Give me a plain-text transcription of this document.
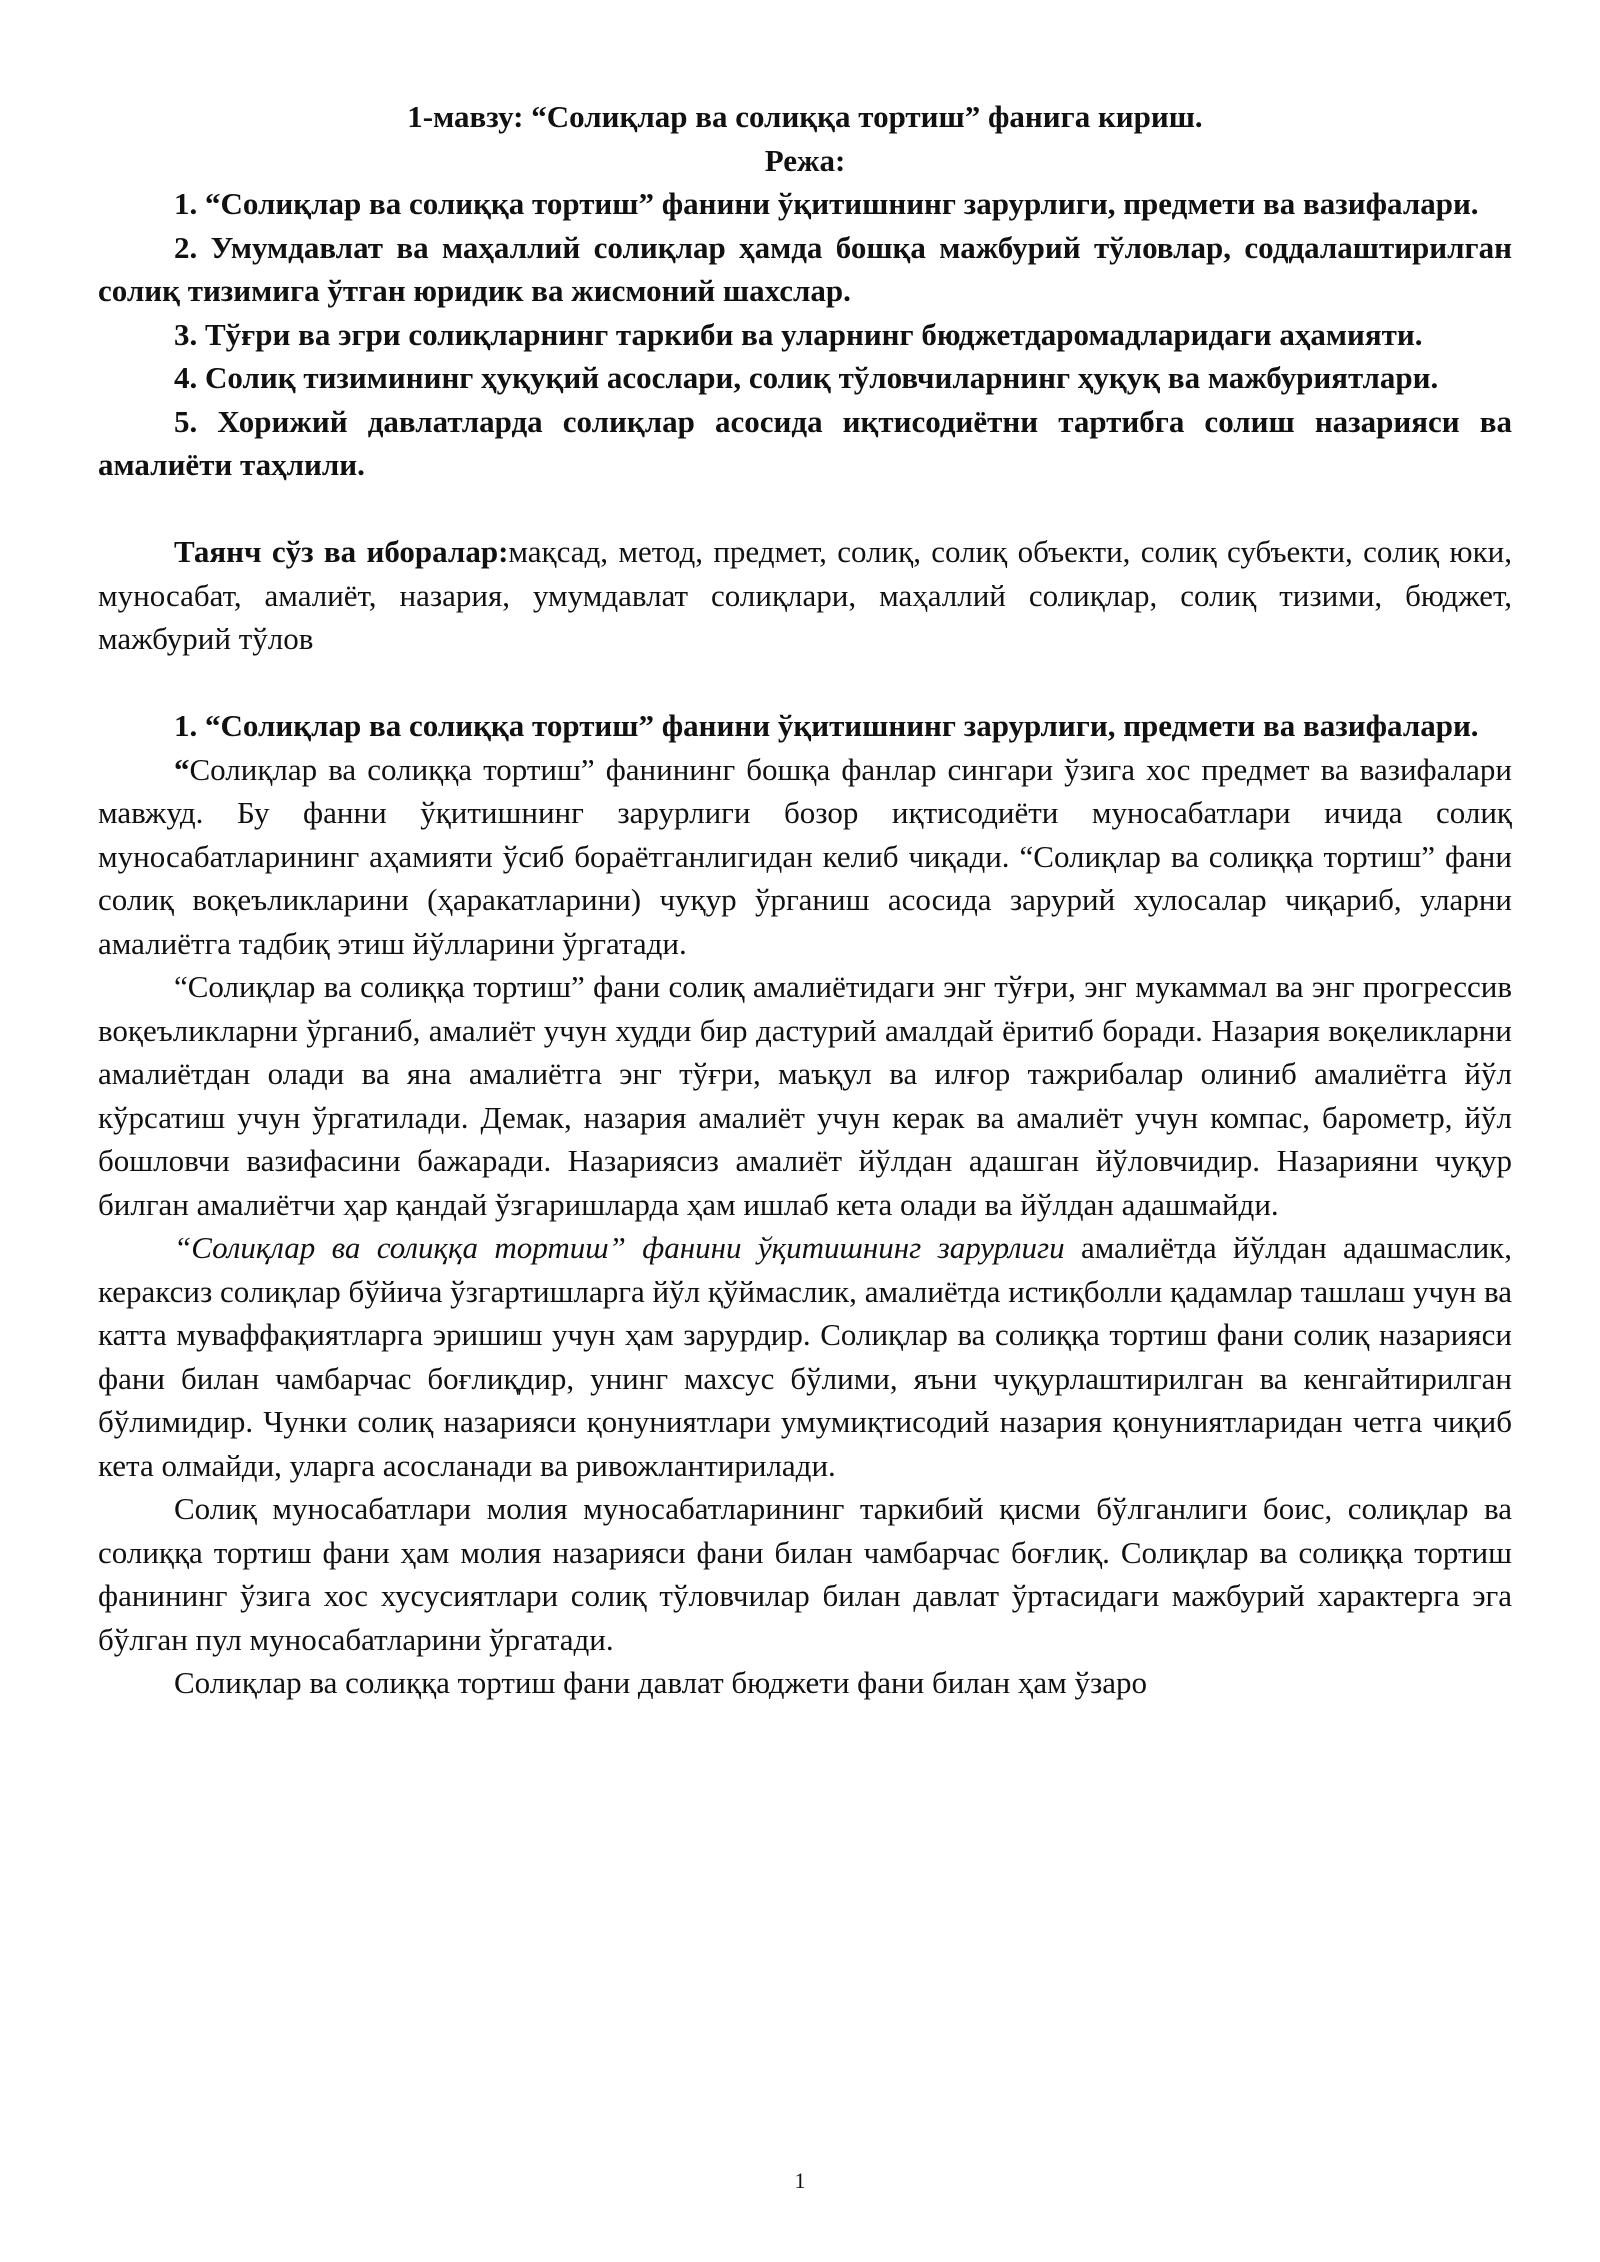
1-мавзу: “Солиқлар ва солиққа тортиш” фанига кириш.

Режа:

1. “Солиқлар ва солиққа тортиш” фанини ўқитишнинг зарурлиги, предмети ва вазифалари.

2. Умумдавлат ва маҳаллий солиқлар ҳамда бошқа мажбурий тўловлар, соддалаштирилган солиқ тизимига ўтган юридик ва жисмоний шахслар.

3. Тўғри ва эгри солиқларнинг таркиби ва уларнинг бюджетдаромадларидаги аҳамияти.

4. Солиқ тизимининг ҳуқуқий асослари, солиқ тўловчиларнинг ҳуқуқ ва мажбуриятлари.

5. Хорижий давлатларда солиқлар асосида иқтисодиётни тартибга солиш назарияси ва амалиёти таҳлили.

Таянч сўз ва иборалар:мақсад, метод, предмет, солиқ, солиқ объекти, солиқ субъекти, солиқ юки, муносабат, амалиёт, назария, умумдавлат солиқлари, маҳаллий солиқлар, солиқ тизими, бюджет, мажбурий тўлов

1. “Солиқлар ва солиққа тортиш” фанини ўқитишнинг зарурлиги, предмети ва вазифалари.

“Солиқлар ва солиққа тортиш” фанининг бошқа фанлар сингари ўзига хос предмет ва вазифалари мавжуд. Бу фанни ўқитишнинг зарурлиги бозор иқтисодиёти муносабатлари ичида солиқ муносабатларининг аҳамияти ўсиб бораётганлигидан келиб чиқади. “Солиқлар ва солиққа тортиш” фани солиқ воқеъликларини (ҳаракатларини) чуқур ўрганиш асосида зарурий хулосалар чиқариб, уларни амалиётга тадбиқ этиш йўлларини ўргатади.

“Солиқлар ва солиққа тортиш” фани солиқ амалиётидаги энг тўғри, энг мукаммал ва энг прогрессив воқеъликларни ўрганиб, амалиёт учун худди бир дастурий амалдай ёритиб боради. Назария воқеликларни амалиётдан олади ва яна амалиётга энг тўғри, маъқул ва илғор тажрибалар олиниб амалиётга йўл кўрсатиш учун ўргатилади. Демак, назария амалиёт учун керак ва амалиёт учун компас, барометр, йўл бошловчи вазифасини бажаради. Назариясиз амалиёт йўлдан адашган йўловчидир. Назарияни чуқур билган амалиётчи ҳар қандай ўзгаришларда ҳам ишлаб кета олади ва йўлдан адашмайди.

“Солиқлар ва солиққа тортиш” фанини ўқитишнинг зарурлиги амалиётда йўлдан адашмаслик, кераксиз солиқлар бўйича ўзгартишларга йўл қўймаслик, амалиётда истиқболли қадамлар ташлаш учун ва катта муваффақиятларга эришиш учун ҳам зарурдир. Солиқлар ва солиққа тортиш фани солиқ назарияси фани билан чамбарчас боғлиқдир, унинг махсус бўлими, яъни чуқурлаштирилган ва кенгайтирилган бўлимидир. Чунки солиқ назарияси қонуниятлари умумиқтисодий назария қонуниятларидан четга чиқиб кета олмайди, уларга асосланади ва ривожлантирилади.

Солиқ муносабатлари молия муносабатларининг таркибий қисми бўлганлиги боис, солиқлар ва солиққа тортиш фани ҳам молия назарияси фани билан чамбарчас боғлиқ. Солиқлар ва солиққа тортиш фанининг ўзига хос хусусиятлари солиқ тўловчилар билан давлат ўртасидаги мажбурий характерга эга бўлган пул муносабатларини ўргатади.

Солиқлар ва солиққа тортиш фани давлат бюджети фани билан ҳам ўзаро

1
